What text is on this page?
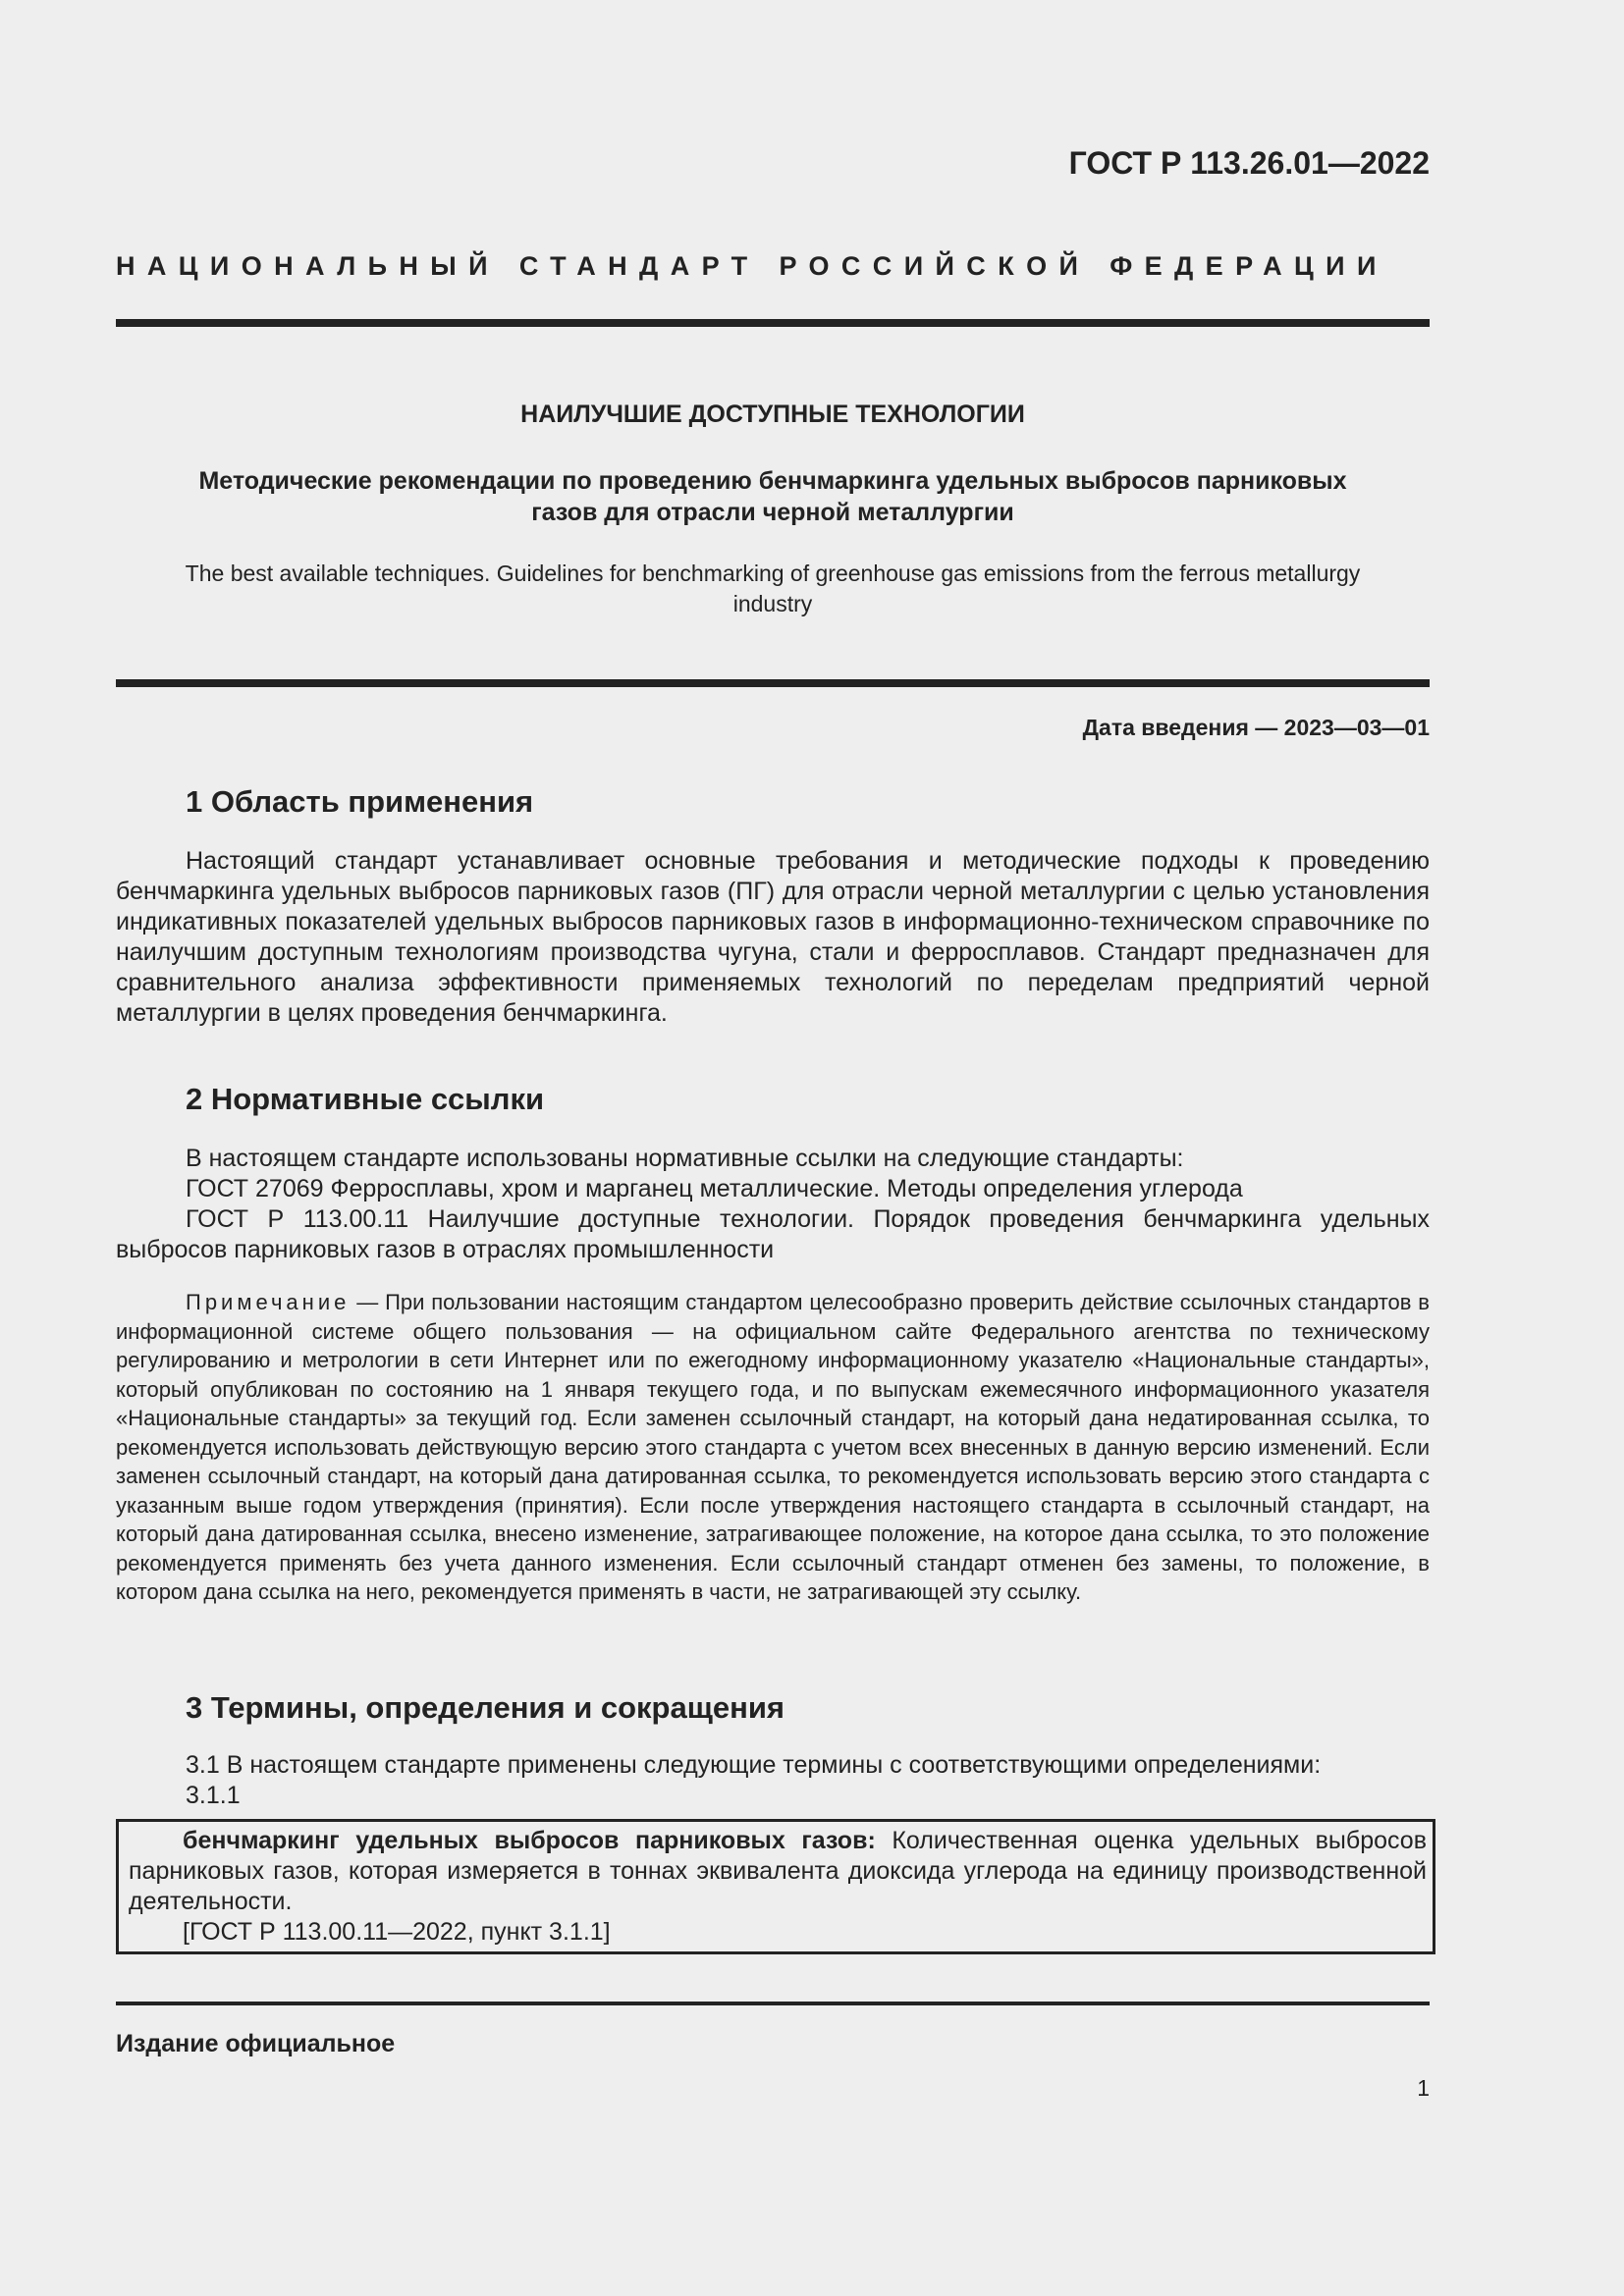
ГОСТ Р 113.26.01—2022
НАЦИОНАЛЬНЫЙ СТАНДАРТ РОССИЙСКОЙ ФЕДЕРАЦИИ
НАИЛУЧШИЕ ДОСТУПНЫЕ ТЕХНОЛОГИИ
Методические рекомендации по проведению бенчмаркинга удельных выбросов парниковых
газов для отрасли черной металлургии
The best available techniques. Guidelines for benchmarking of greenhouse gas emissions from the ferrous metallurgy
industry
Дата введения — 2023—03—01
1 Область применения

Настоящий стандарт устанавливает основные требования и методические подходы к проведению бенчмаркинга удельных выбросов парниковых газов (ПГ) для отрасли черной металлургии с целью установления индикативных показателей удельных выбросов парниковых газов в информационно-техническом справочнике по наилучшим доступным технологиям производства чугуна, стали и ферросплавов. Стандарт предназначен для сравнительного анализа эффективности применяемых технологий по переделам предприятий черной металлургии в целях проведения бенчмаркинга.

2 Нормативные ссылки

В настоящем стандарте использованы нормативные ссылки на следующие стандарты:

ГОСТ 27069 Ферросплавы, хром и марганец металлические. Методы определения углерода

ГОСТ Р 113.00.11 Наилучшие доступные технологии. Порядок проведения бенчмаркинга удельных выбросов парниковых газов в отраслях промышленности

Примечание — При пользовании настоящим стандартом целесообразно проверить действие ссылочных стандартов в информационной системе общего пользования — на официальном сайте Федерального агентства по техническому регулированию и метрологии в сети Интернет или по ежегодному информационному указателю «Национальные стандарты», который опубликован по состоянию на 1 января текущего года, и по выпускам ежемесячного информационного указателя «Национальные стандарты» за текущий год. Если заменен ссылочный стандарт, на который дана недатированная ссылка, то рекомендуется использовать действующую версию этого стандарта с учетом всех внесенных в данную версию изменений. Если заменен ссылочный стандарт, на который дана датированная ссылка, то рекомендуется использовать версию этого стандарта с указанным выше годом утверждения (принятия). Если после утверждения настоящего стандарта в ссылочный стандарт, на который дана датированная ссылка, внесено изменение, затрагивающее положение, на которое дана ссылка, то это положение рекомендуется применять без учета данного изменения. Если ссылочный стандарт отменен без замены, то положение, в котором дана ссылка на него, рекомендуется применять в части, не затрагивающей эту ссылку.

3 Термины, определения и сокращения

3.1 В настоящем стандарте применены следующие термины с соответствующими определениями:

3.1.1

бенчмаркинг удельных выбросов парниковых газов: Количественная оценка удельных выбросов парниковых газов, которая измеряется в тоннах эквивалента диоксида углерода на единицу производственной деятельности.

[ГОСТ Р 113.00.11—2022, пункт 3.1.1]

Издание официальное
1
